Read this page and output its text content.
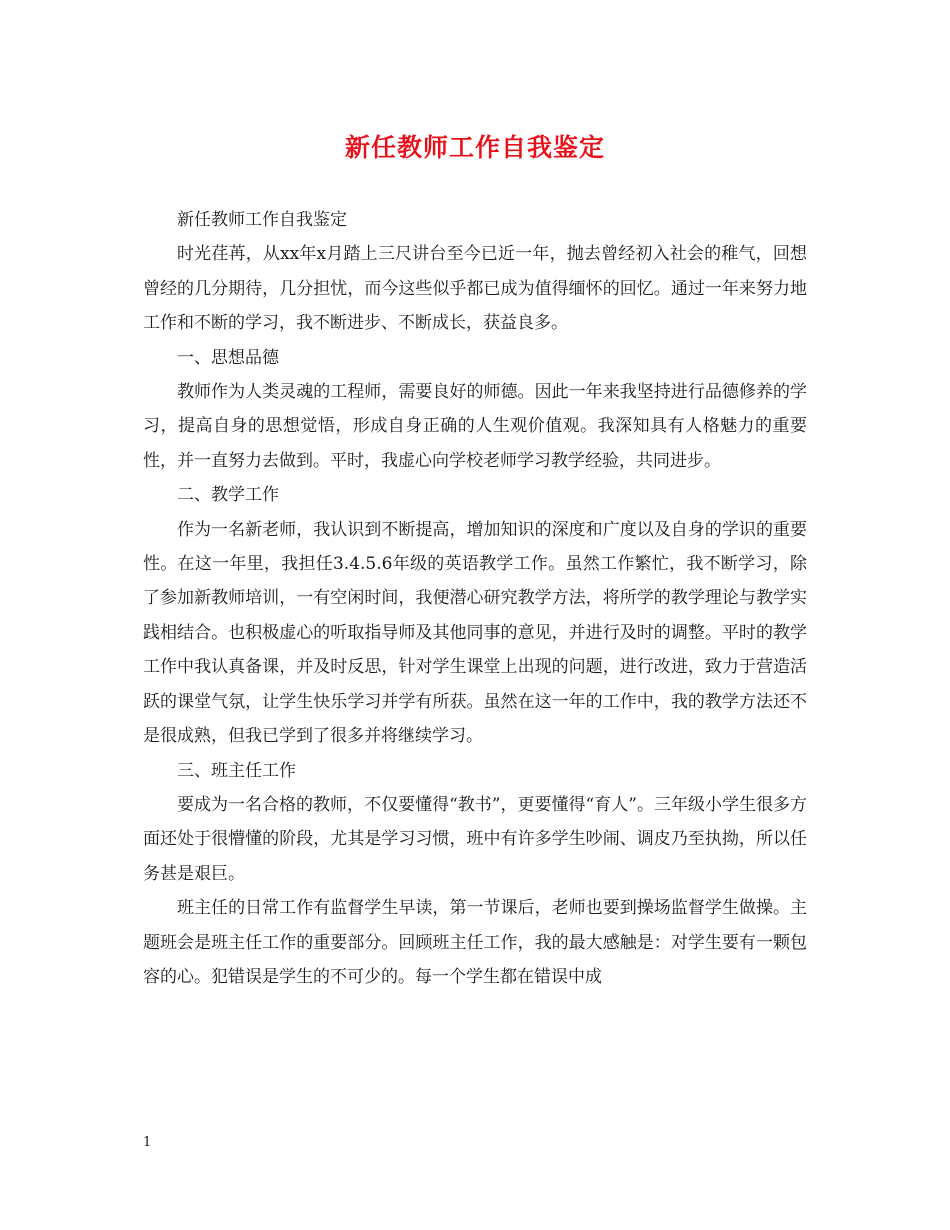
新任教师工作自我鉴定

新任教师工作自我鉴定

时光荏苒，从xx年x月踏上三尺讲台至今已近一年，抛去曾经初入社会的稚气，回想曾经的几分期待，几分担忧，而今这些似乎都已成为值得缅怀的回忆。通过一年来努力地工作和不断的学习，我不断进步、不断成长，获益良多。

一、思想品德

教师作为人类灵魂的工程师，需要良好的师德。因此一年来我坚持进行品德修养的学习，提高自身的思想觉悟，形成自身正确的人生观价值观。我深知具有人格魅力的重要性，并一直努力去做到。平时，我虚心向学校老师学习教学经验，共同进步。

二、教学工作

作为一名新老师，我认识到不断提高，增加知识的深度和广度以及自身的学识的重要性。在这一年里，我担任3.4.5.6年级的英语教学工作。虽然工作繁忙，我不断学习，除了参加新教师培训，一有空闲时间，我便潜心研究教学方法，将所学的教学理论与教学实践相结合。也积极虚心的听取指导师及其他同事的意见，并进行及时的调整。平时的教学工作中我认真备课，并及时反思，针对学生课堂上出现的问题，进行改进，致力于营造活跃的课堂气氛，让学生快乐学习并学有所获。虽然在这一年的工作中，我的教学方法还不是很成熟，但我已学到了很多并将继续学习。

三、班主任工作

要成为一名合格的教师，不仅要懂得“教书”，更要懂得“育人”。三年级小学生很多方面还处于很懵懂的阶段，尤其是学习习惯，班中有许多学生吵闹、调皮乃至执拗，所以任务甚是艰巨。

班主任的日常工作有监督学生早读，第一节课后，老师也要到操场监督学生做操。主题班会是班主任工作的重要部分。回顾班主任工作，我的最大感触是：对学生要有一颗包容的心。犯错误是学生的不可少的。每一个学生都在错误中成

1
